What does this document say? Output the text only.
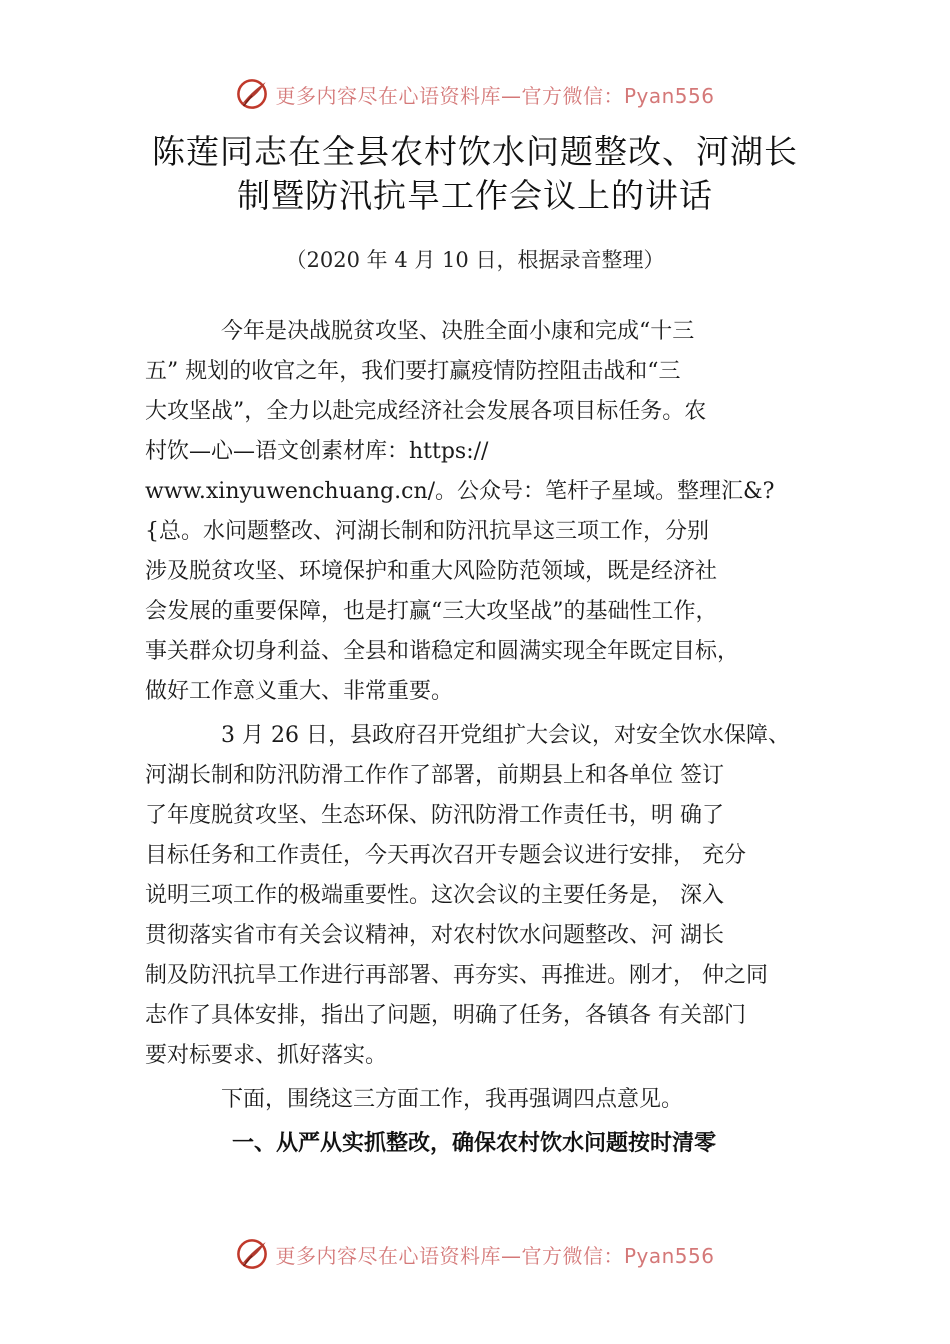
更多内容尽在心语资料库—官方微信：Pyan556
陈莲同志在全县农村饮水问题整改、河湖长
制暨防汛抗旱工作会议上的讲话
（2020 年 4 月 10 日，根据录音整理）
今年是决战脱贫攻坚、决胜全面小康和完成“十三
五” 规划的收官之年，我们要打赢疫情防控阻击战和“三
大攻坚战”，全力以赴完成经济社会发展各项目标任务。农
村饮—心—语文创素材库：https://
www.xinyuwenchuang.cn/。公众号：笔杆子星域。整理汇&?
{总。水问题整改、河湖长制和防汛抗旱这三项工作，分别
涉及脱贫攻坚、环境保护和重大风险防范领域，既是经济社
会发展的重要保障，也是打赢“三大攻坚战”的基础性工作，
事关群众切身利益、全县和谐稳定和圆满实现全年既定目标，
做好工作意义重大、非常重要。
3 月 26 日，县政府召开党组扩大会议，对安全饮水保障、
河湖长制和防汛防滑工作作了部署，前期县上和各单位 签订
了年度脱贫攻坚、生态环保、防汛防滑工作责任书，明 确了
目标任务和工作责任，今天再次召开专题会议进行安排， 充分
说明三项工作的极端重要性。这次会议的主要任务是， 深入
贯彻落实省市有关会议精神，对农村饮水问题整改、河 湖长
制及防汛抗旱工作进行再部署、再夯实、再推进。刚才， 仲之同
志作了具体安排，指出了问题，明确了任务，各镇各 有关部门
要对标要求、抓好落实。
下面，围绕这三方面工作，我再强调四点意见。
一、从严从实抓整改，确保农村饮水问题按时清零
更多内容尽在心语资料库—官方微信：Pyan556
